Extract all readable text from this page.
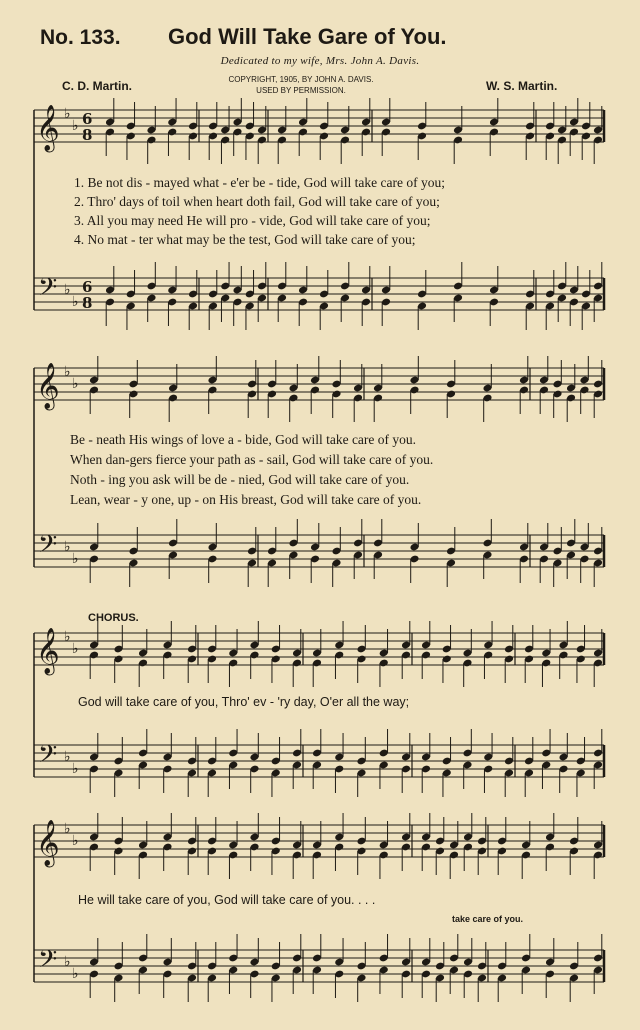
No. 133. God Will Take Gare of You.
Dedicated to my wife, Mrs. John A. Davis.
C. D. Martin.	COPYRIGHT, 1905, BY JOHN A. DAVIS.
USED BY PERMISSION.	W. S. Martin.
𝄞
𝄢
♭
♭
♭
♭
6
8
6
8
𝄞
𝄢
♭
♭
♭
♭
𝄞
𝄢
♭
♭
♭
♭
𝄞
𝄢
♭
♭
♭
♭
1. Be not dis - mayed what - e'er be - tide, God will take care of you;
2. Thro' days of toil when heart doth fail, God will take care of you;
3. All you may need He will pro - vide, God will take care of you;
4. No mat - ter what may be the test, God will take care of you;
Be - neath His wings of love a - bide, God will take care of you.
When dan-gers fierce your path as - sail, God will take care of you.
Noth - ing you ask will be de - nied, God will take care of you.
Lean, wear - y one, up - on His breast, God will take care of you.
CHORUS.
God will take care of you, Thro' ev - 'ry day, O'er all the way;
He will take care of you, God will take care of you. . . .
take care of you.
